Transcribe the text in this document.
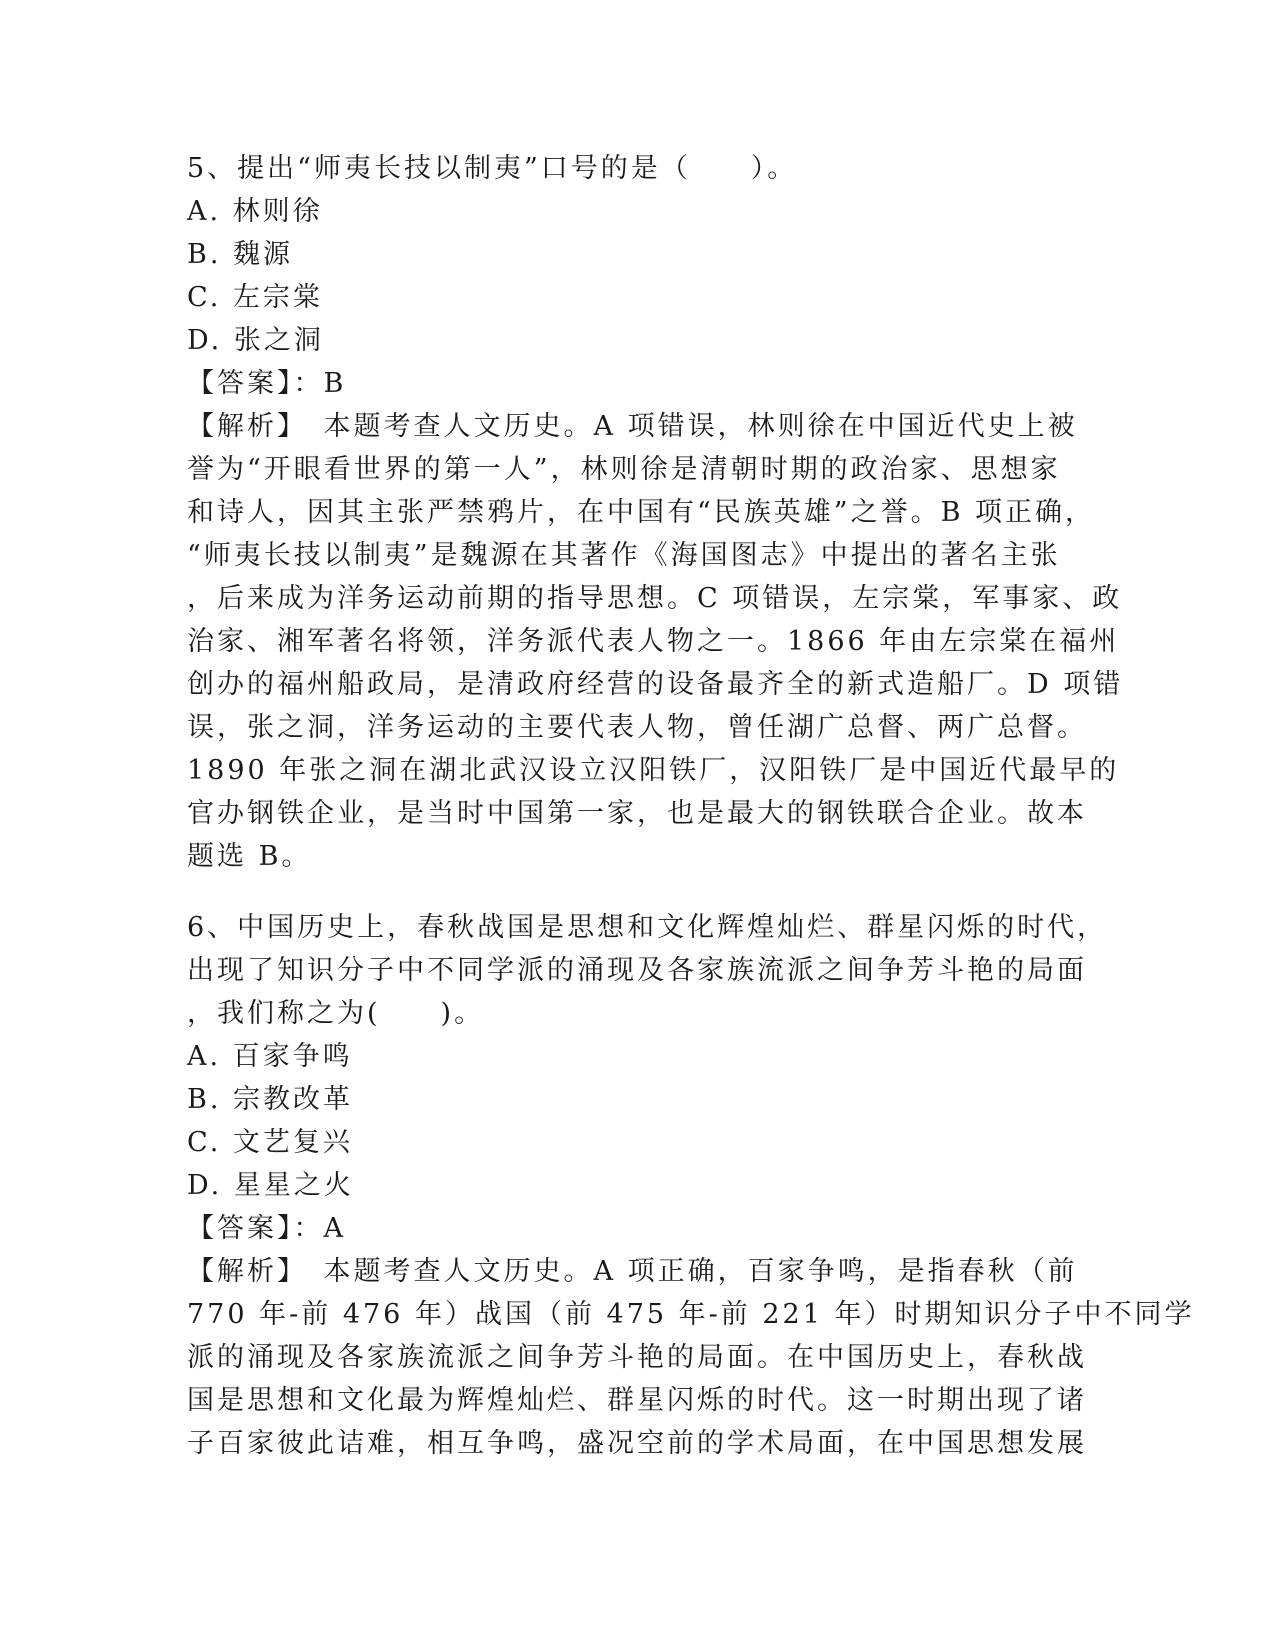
5、提出“师夷长技以制夷”口号的是（　　）。

A. 林则徐

B. 魏源

C. 左宗棠

D. 张之洞

【答案】：B

【解析】　本题考查人文历史。A 项错误，林则徐在中国近代史上被

誉为“开眼看世界的第一人”，林则徐是清朝时期的政治家、思想家

和诗人，因其主张严禁鸦片，在中国有“民族英雄”之誉。B 项正确，

“师夷长技以制夷”是魏源在其著作《海国图志》中提出的著名主张

，后来成为洋务运动前期的指导思想。C 项错误，左宗棠，军事家、政

治家、湘军著名将领，洋务派代表人物之一。1866 年由左宗棠在福州

创办的福州船政局，是清政府经营的设备最齐全的新式造船厂。D 项错

误，张之洞，洋务运动的主要代表人物，曾任湖广总督、两广总督。

1890 年张之洞在湖北武汉设立汉阳铁厂，汉阳铁厂是中国近代最早的

官办钢铁企业，是当时中国第一家，也是最大的钢铁联合企业。故本

题选 B。

6、中国历史上，春秋战国是思想和文化辉煌灿烂、群星闪烁的时代，

出现了知识分子中不同学派的涌现及各家族流派之间争芳斗艳的局面

，我们称之为(　　)。

A. 百家争鸣

B. 宗教改革

C. 文艺复兴

D. 星星之火

【答案】：A

【解析】　本题考查人文历史。A 项正确，百家争鸣，是指春秋（前

770 年-前 476 年）战国（前 475 年-前 221 年）时期知识分子中不同学

派的涌现及各家族流派之间争芳斗艳的局面。在中国历史上，春秋战

国是思想和文化最为辉煌灿烂、群星闪烁的时代。这一时期出现了诸

子百家彼此诘难，相互争鸣，盛况空前的学术局面，在中国思想发展
